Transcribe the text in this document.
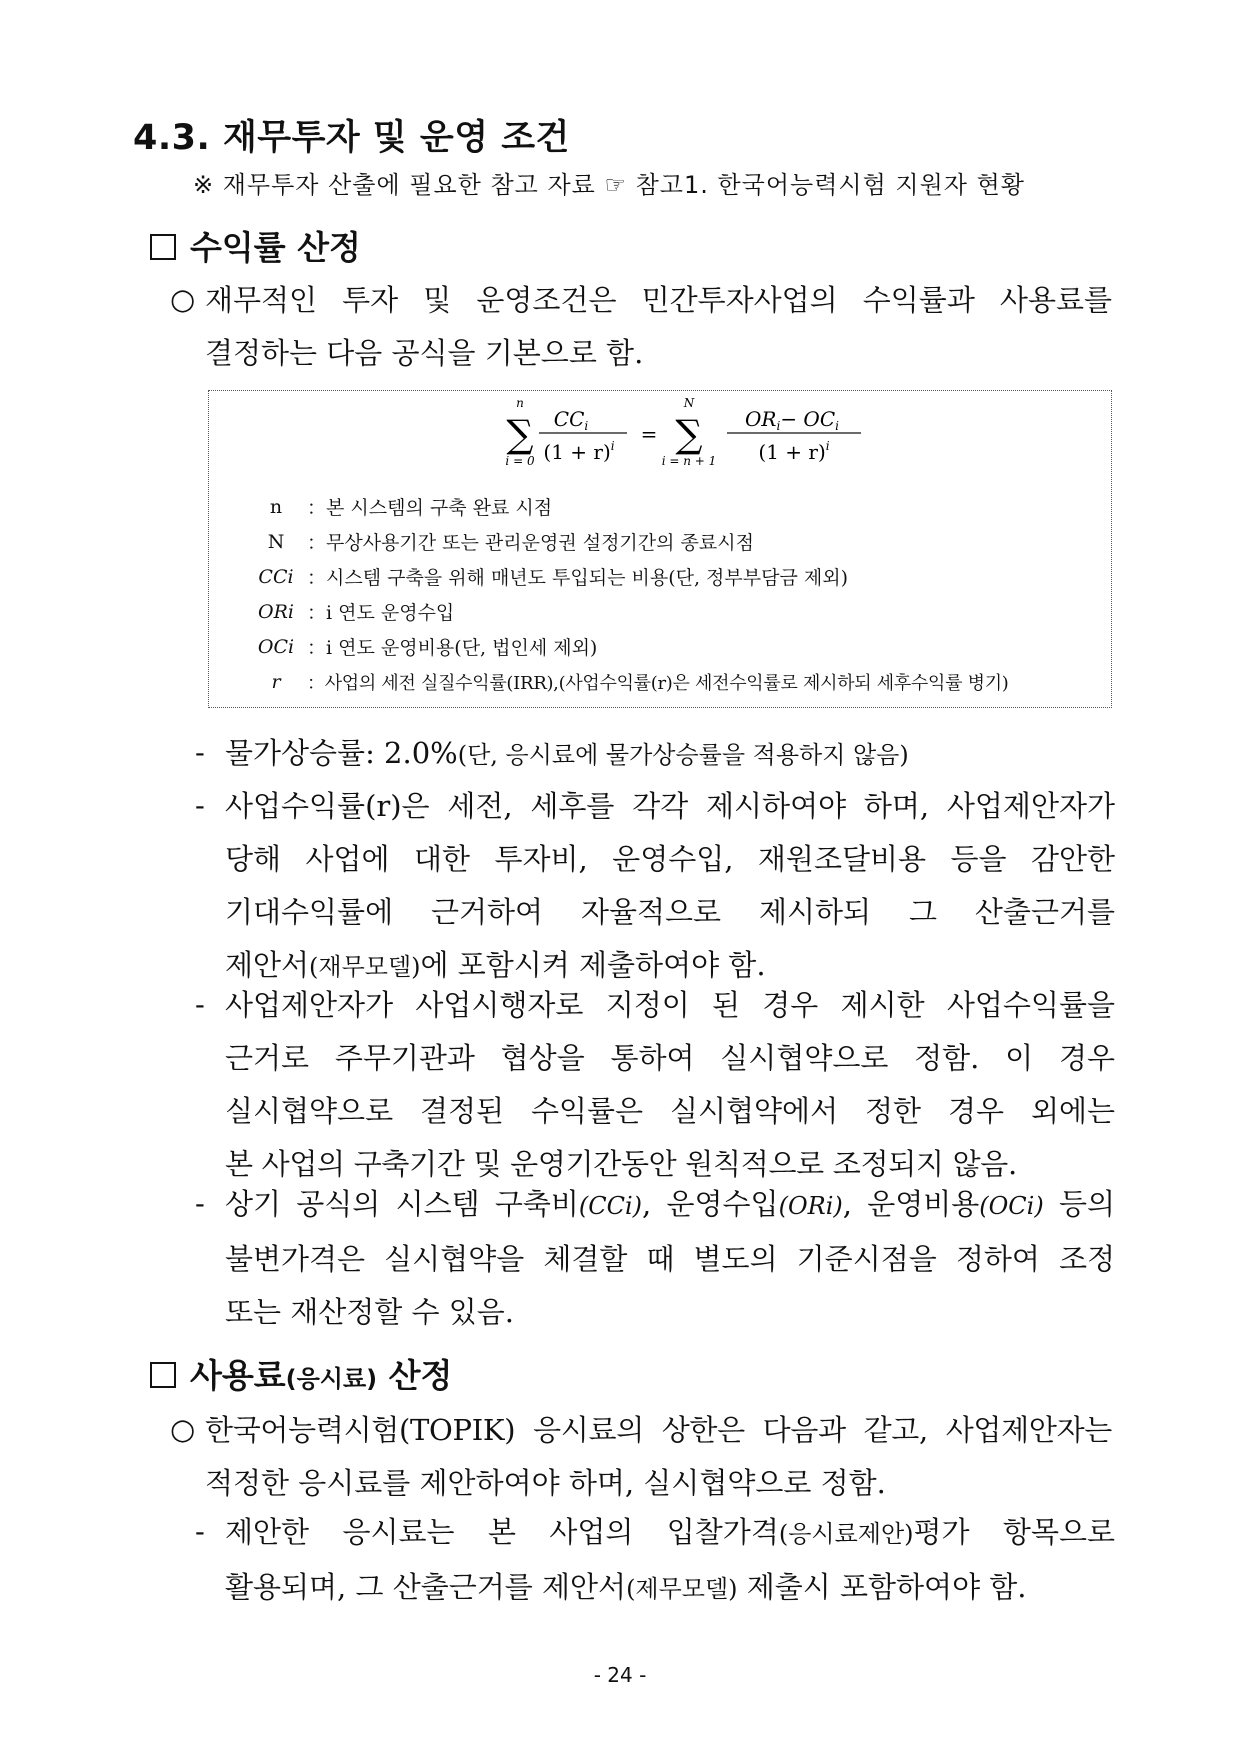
4.3. 재무투자 및 운영 조건
※ 재무투자 산출에 필요한 참고 자료 ☞ 참고1. 한국어능력시험 지원자 현황
수익률 산정
○ 재무적인 투자 및 운영조건은 민간투자사업의 수익률과 사용료를
결정하는 다음 공식을 기본으로 함.
n
∑
i = 0
$CC_i$
$(1 + r)^i$ =
N
∑
i = n + 1
$OR_i- OC_i$
$(1 + r)^i$
n	：본 시스템의 구축 완료 시점
N	：무상사용기간 또는 관리운영권 설정기간의 종료시점
CCi ：시스템 구축을 위해 매년도 투입되는 비용(단, 정부부담금 제외)
ORi ：i 연도 운영수입
OCi ：i 연도 운영비용(단, 법인세 제외)
r	：사업의 세전 실질수익률(IRR),(사업수익률(r)은 세전수익률로 제시하되 세후수익률 병기)
- 물가상승률: 2.0%(단, 응시료에 물가상승률을 적용하지 않음)
- 사업수익률(r)은 세전, 세후를 각각 제시하여야 하며, 사업제안자가
당해 사업에 대한 투자비, 운영수입, 재원조달비용 등을 감안한
기대수익률에 근거하여 자율적으로 제시하되 그 산출근거를
제안서(재무모델)에 포함시켜 제출하여야 함.
- 사업제안자가 사업시행자로 지정이 된 경우 제시한 사업수익률을
근거로 주무기관과 협상을 통하여 실시협약으로 정함. 이 경우
실시협약으로 결정된 수익률은 실시협약에서 정한 경우 외에는
본 사업의 구축기간 및 운영기간동안 원칙적으로 조정되지 않음.
- 상기 공식의 시스템 구축비(CCi), 운영수입(ORi), 운영비용(OCi) 등의
불변가격은 실시협약을 체결할 때 별도의 기준시점을 정하여 조정
또는 재산정할 수 있음.
사용료(응시료) 산정
○ 한국어능력시험(TOPIK) 응시료의 상한은 다음과 같고, 사업제안자는
적정한 응시료를 제안하여야 하며, 실시협약으로 정함.
- 제안한 응시료는 본 사업의 입찰가격(응시료제안)평가 항목으로
활용되며, 그 산출근거를 제안서(제무모델) 제출시 포함하여야 함.
- 24 -
